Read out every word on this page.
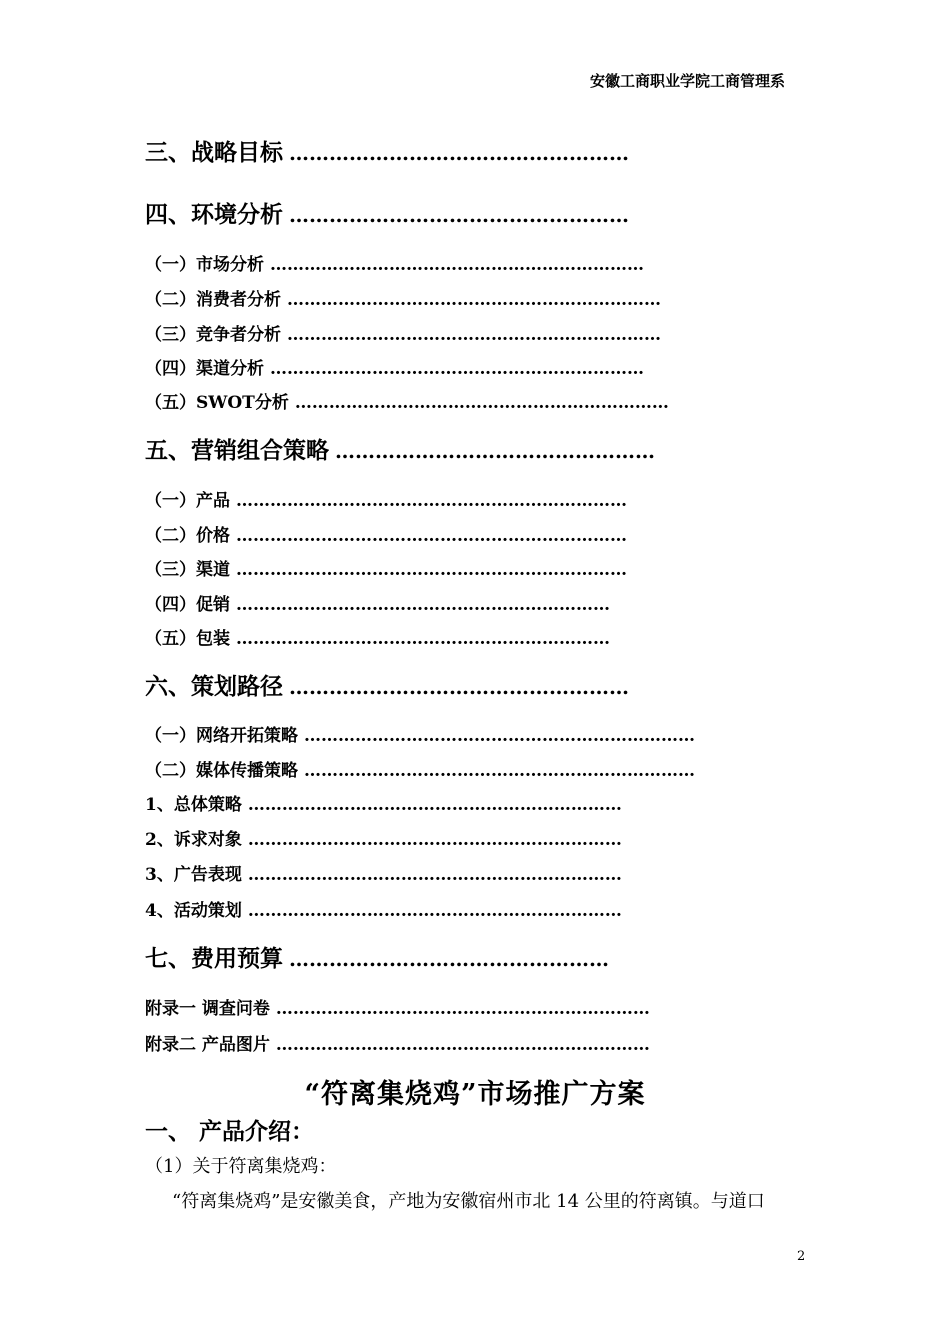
安徽工商职业学院工商管理系
三、战略目标 ……………………………………………
四、环境分析 ……………………………………………
（一）市场分析 …………………………………………………………
（二）消费者分析 …………………………………………………………
（三）竞争者分析 …………………………………………………………
（四）渠道分析 …………………………………………………………
（五）SWOT分析 …………………………………………………………
五、营销组合策略 …………………………………………
（一）产品 ……………………………………………………………
（二）价格 ……………………………………………………………
（三）渠道 ……………………………………………………………
（四）促销 …………………………………………………………
（五）包装 …………………………………………………………
六、策划路径 ……………………………………………
（一）网络开拓策略 ……………………………………………………………
（二）媒体传播策略 ……………………………………………………………
1、总体策略 …………………………………………………………
2、诉求对象 …………………………………………………………
3、广告表现 …………………………………………………………
4、活动策划 …………………………………………………………
七、费用预算 …………………………………………
附录一 调查问卷 …………………………………………………………
附录二 产品图片 …………………………………………………………
“符离集烧鸡”市场推广方案
一、 产品介绍：
（1）关于符离集烧鸡：
“符离集烧鸡”是安徽美食，产地为安徽宿州市北 14 公里的符离镇。与道口
2
